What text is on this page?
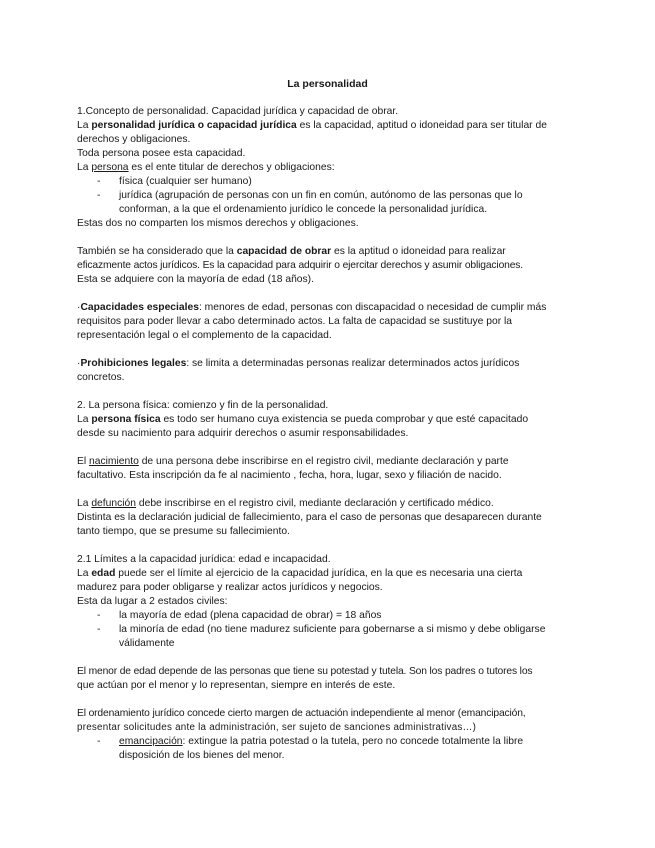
La personalidad
1.Concepto de personalidad. Capacidad jurídica y capacidad de obrar.
La personalidad jurídica o capacidad jurídica es la capacidad, aptitud o idoneidad para ser titular de
derechos y obligaciones.
Toda persona posee esta capacidad.
La persona es el ente titular de derechos y obligaciones:
- física (cualquier ser humano)
- jurídica (agrupación de personas con un fin en común, autónomo de las personas que lo
conforman, a la que el ordenamiento jurídico le concede la personalidad jurídica.
Estas dos no comparten los mismos derechos y obligaciones.
También se ha considerado que la capacidad de obrar es la aptitud o idoneidad para realizar
eficazmente actos jurídicos. Es la capacidad para adquirir o ejercitar derechos y asumir obligaciones.
Esta se adquiere con la mayoría de edad (18 años).
·Capacidades especiales: menores de edad, personas con discapacidad o necesidad de cumplir más
requisitos para poder llevar a cabo determinado actos. La falta de capacidad se sustituye por la
representación legal o el complemento de la capacidad.
·Prohibiciones legales: se limita a determinadas personas realizar determinados actos jurídicos
concretos.
2. La persona física: comienzo y fin de la personalidad.
La persona física es todo ser humano cuya existencia se pueda comprobar y que esté capacitado
desde su nacimiento para adquirir derechos o asumir responsabilidades.
El nacimiento de una persona debe inscribirse en el registro civil, mediante declaración y parte
facultativo. Esta inscripción da fe al nacimiento , fecha, hora, lugar, sexo y filiación de nacido.
La defunción debe inscribirse en el registro civil, mediante declaración y certificado médico.
Distinta es la declaración judicial de fallecimiento, para el caso de personas que desaparecen durante
tanto tiempo, que se presume su fallecimiento.
2.1 Límites a la capacidad jurídica: edad e incapacidad.
La edad puede ser el límite al ejercicio de la capacidad jurídica, en la que es necesaria una cierta
madurez para poder obligarse y realizar actos jurídicos y negocios.
Esta da lugar a 2 estados civiles:
- la mayoría de edad (plena capacidad de obrar) = 18 años
- la minoría de edad (no tiene madurez suficiente para gobernarse a si mismo y debe obligarse
válidamente
El menor de edad depende de las personas que tiene su potestad y tutela. Son los padres o tutores los
que actúan por el menor y lo representan, siempre en interés de este.
El ordenamiento jurídico concede cierto margen de actuación independiente al menor (emancipación,
presentar solicitudes ante la administración, ser sujeto de sanciones administrativas…)
- emancipación: extingue la patria potestad o la tutela, pero no concede totalmente la libre
disposición de los bienes del menor.
